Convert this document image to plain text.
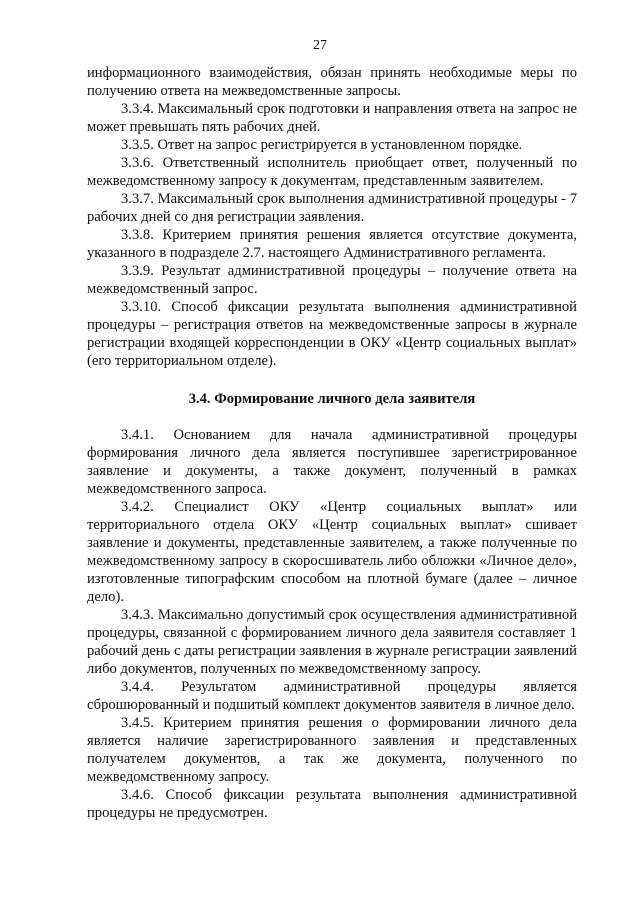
27

информационного взаимодействия, обязан принять необходимые меры по получению ответа на межведомственные запросы.

3.3.4. Максимальный срок подготовки и направления ответа на запрос не может превышать пять рабочих дней.

3.3.5. Ответ на запрос регистрируется в установленном порядке.

3.3.6. Ответственный исполнитель приобщает ответ, полученный по межведомственному запросу к документам, представленным заявителем.

3.3.7. Максимальный срок выполнения административной процедуры - 7 рабочих дней со дня регистрации заявления.

3.3.8. Критерием принятия решения является отсутствие документа, указанного в подразделе 2.7. настоящего Административного регламента.

3.3.9. Результат административной процедуры – получение ответа на межведомственный запрос.

3.3.10. Способ фиксации результата выполнения административной процедуры – регистрация ответов на межведомственные запросы в журнале регистрации входящей корреспонденции в ОКУ «Центр социальных выплат» (его территориальном отделе).

3.4. Формирование личного дела заявителя

3.4.1. Основанием для начала административной процедуры формирования личного дела является поступившее зарегистрированное заявление и документы, а также документ, полученный в рамках межведомственного запроса.

3.4.2. Специалист ОКУ «Центр социальных выплат» или территориального отдела ОКУ «Центр социальных выплат» сшивает заявление и документы, представленные заявителем, а также полученные по межведомственному запросу в скоросшиватель либо обложки «Личное дело», изготовленные типографским способом на плотной бумаге (далее – личное дело).

3.4.3. Максимально допустимый срок осуществления административной процедуры, связанной с формированием личного дела заявителя составляет 1 рабочий день с даты регистрации заявления в журнале регистрации заявлений либо документов, полученных по межведомственному запросу.

3.4.4. Результатом административной процедуры является сброшюрованный и подшитый комплект документов заявителя в личное дело.

3.4.5. Критерием принятия решения о формировании личного дела является наличие зарегистрированного заявления и представленных получателем документов, а так же документа, полученного по межведомственному запросу.

3.4.6. Способ фиксации результата выполнения административной процедуры не предусмотрен.
